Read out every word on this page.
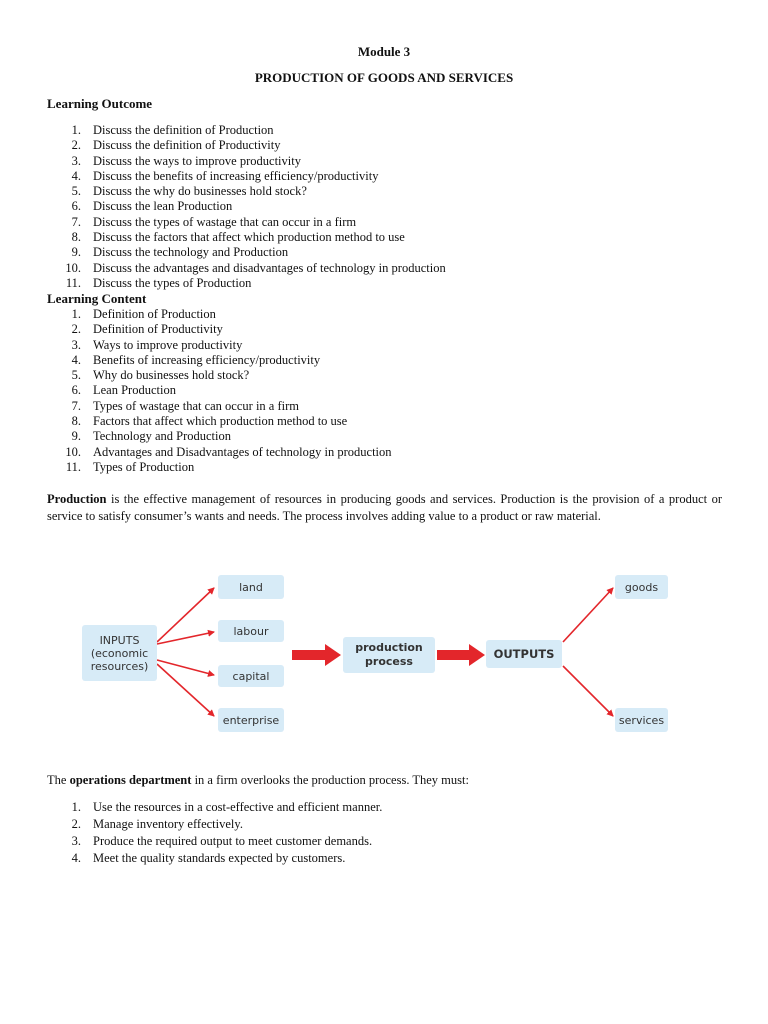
Module 3
PRODUCTION OF GOODS AND SERVICES
Learning Outcome
1. Discuss the definition of Production
2. Discuss the definition of Productivity
3. Discuss the ways to improve productivity
4. Discuss the benefits of increasing efficiency/productivity
5. Discuss the why do businesses hold stock?
6. Discuss the lean Production
7. Discuss the types of wastage that can occur in a firm
8. Discuss the factors that affect which production method to use
9. Discuss the technology and Production
10. Discuss the advantages and disadvantages of technology in production
11. Discuss the types of Production
Learning Content
1. Definition of Production
2. Definition of Productivity
3. Ways to improve productivity
4. Benefits of increasing efficiency/productivity
5. Why do businesses hold stock?
6. Lean Production
7. Types of wastage that can occur in a firm
8. Factors that affect which production method to use
9. Technology and Production
10. Advantages and Disadvantages of technology in production
11. Types of Production

Production is the effective management of resources in producing goods and services. Production is the provision of a product or service to satisfy consumer’s wants and needs. The process involves adding value to a product or raw material.

INPUTS
(economic
resources)
land
labour
capital
enterprise
production
process
OUTPUTS
goods
services

The operations department in a firm overlooks the production process. They must:

1. Use the resources in a cost-effective and efficient manner.
2. Manage inventory effectively.
3. Produce the required output to meet customer demands.
4. Meet the quality standards expected by customers.
